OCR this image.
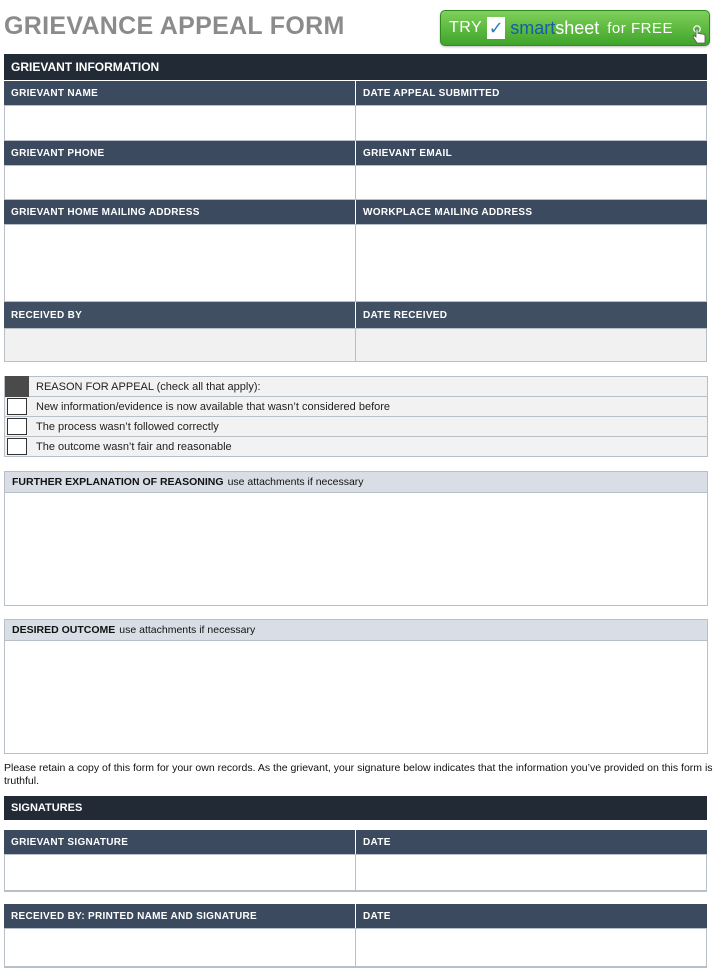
GRIEVANCE APPEAL FORM	TRY ✓ smartsheet for FREE
GRIEVANT INFORMATION
GRIEVANT NAME	DATE APPEAL SUBMITTED
GRIEVANT PHONE	GRIEVANT EMAIL
GRIEVANT HOME MAILING ADDRESS	WORKPLACE MAILING ADDRESS
RECEIVED BY	DATE RECEIVED
REASON FOR APPEAL (check all that apply):
New information/evidence is now available that wasn’t considered before
The process wasn’t followed correctly
The outcome wasn’t fair and reasonable
FURTHER EXPLANATION OF REASONING use attachments if necessary
DESIRED OUTCOME use attachments if necessary
Please retain a copy of this form for your own records. As the grievant, your signature below indicates that the information you’ve provided on this form is truthful.
SIGNATURES
GRIEVANT SIGNATURE	DATE
RECEIVED BY: PRINTED NAME AND SIGNATURE	DATE
